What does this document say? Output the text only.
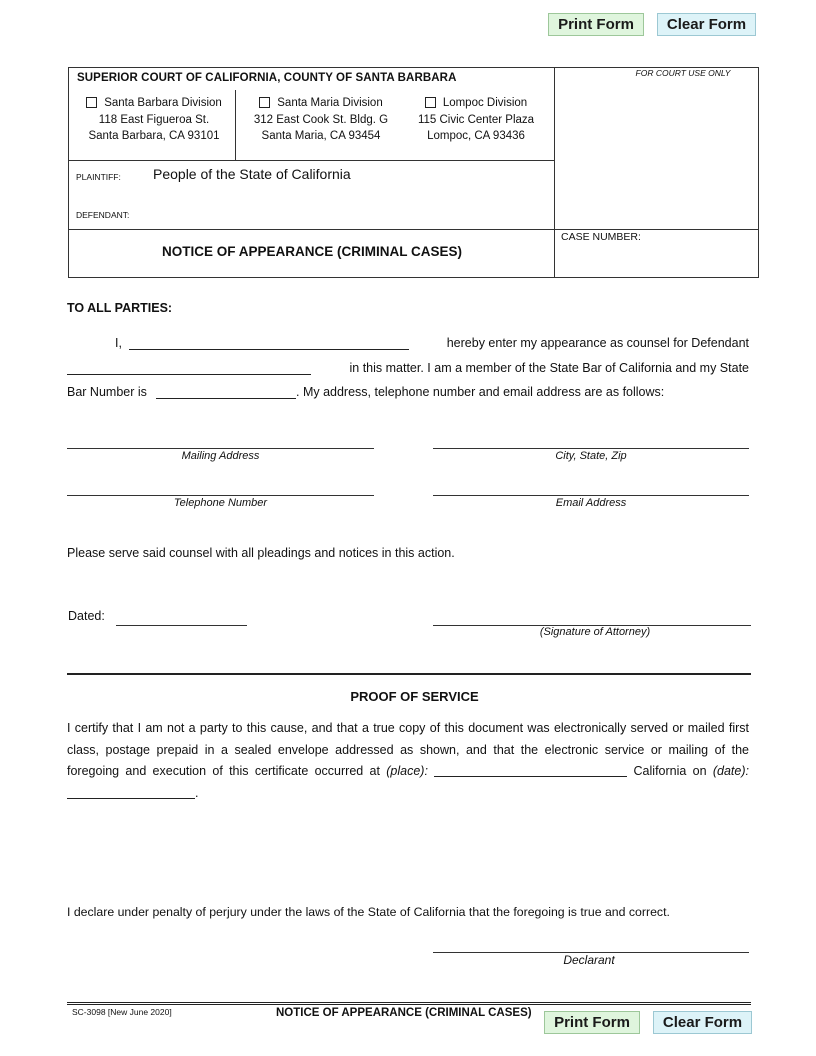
Print Form	Clear Form
SUPERIOR COURT OF CALIFORNIA, COUNTY OF SANTA BARBARA	FOR COURT USE ONLY
Santa Barbara Division
118 East Figueroa St.
Santa Barbara, CA 93101
Santa Maria Division
312 East Cook St. Bldg. G
Santa Maria, CA 93454
Lompoc Division
115 Civic Center Plaza
Lompoc, CA 93436
PLAINTIFF: People of the State of California
DEFENDANT:
NOTICE OF APPEARANCE (CRIMINAL CASES)
CASE NUMBER:
TO ALL PARTIES:
I,	hereby enter my appearance as counsel for Defendant
in this matter. I am a member of the State Bar of California and my State
Bar Number is	. My address, telephone number and email address are as follows:
Mailing Address	City, State, Zip
Telephone Number	Email Address
Please serve said counsel with all pleadings and notices in this action.
Dated:
(Signature of Attorney)
PROOF OF SERVICE
I certify that I am not a party to this cause, and that a true copy of this document was electronically served or mailed first class, postage prepaid in a sealed envelope addressed as shown, and that the electronic service or mailing of the foregoing and execution of this certificate occurred at (place):	California on (date): .
I declare under penalty of perjury under the laws of the State of California that the foregoing is true and correct.
Declarant
SC-3098 [New June 2020]	NOTICE OF APPEARANCE (CRIMINAL CASES)
Print Form	Clear Form
